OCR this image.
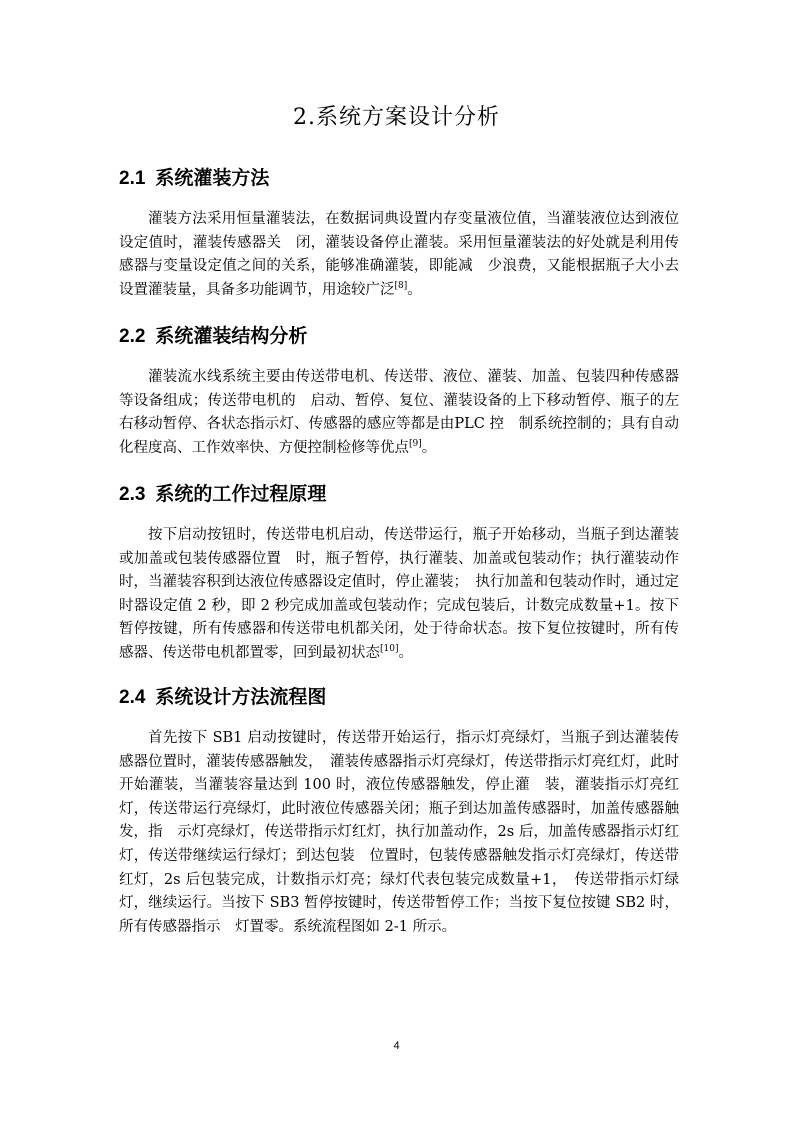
2.系统方案设计分析
2.1 系统灌装方法

灌装方法采用恒量灌装法，在数据词典设置内存变量液位值，当灌装液位达到液位设定值时，灌装传感器关　闭，灌装设备停止灌装。采用恒量灌装法的好处就是利用传感器与变量设定值之间的关系，能够准确灌装，即能减　少浪费，又能根据瓶子大小去设置灌装量，具备多功能调节，用途较广泛[8]。

2.2 系统灌装结构分析

灌装流水线系统主要由传送带电机、传送带、液位、灌装、加盖、包装四种传感器等设备组成；传送带电机的　启动、暂停、复位、灌装设备的上下移动暂停、瓶子的左右移动暂停、各状态指示灯、传感器的感应等都是由PLC 控　制系统控制的；具有自动化程度高、工作效率快、方便控制检修等优点[9]。

2.3 系统的工作过程原理

按下启动按钮时，传送带电机启动，传送带运行，瓶子开始移动，当瓶子到达灌装或加盖或包装传感器位置　时，瓶子暂停，执行灌装、加盖或包装动作；执行灌装动作时，当灌装容积到达液位传感器设定值时，停止灌装；　执行加盖和包装动作时，通过定时器设定值 2 秒，即 2 秒完成加盖或包装动作；完成包装后，计数完成数量+1。按下暂停按键，所有传感器和传送带电机都关闭，处于待命状态。按下复位按键时，所有传感器、传送带电机都置零，回到最初状态[10]。

2.4 系统设计方法流程图

首先按下 SB1 启动按键时，传送带开始运行，指示灯亮绿灯，当瓶子到达灌装传感器位置时，灌装传感器触发，　灌装传感器指示灯亮绿灯，传送带指示灯亮红灯，此时开始灌装，当灌装容量达到 100 时，液位传感器触发，停止灌　装，灌装指示灯亮红灯，传送带运行亮绿灯，此时液位传感器关闭；瓶子到达加盖传感器时，加盖传感器触发，指　示灯亮绿灯，传送带指示灯红灯，执行加盖动作，2s 后，加盖传感器指示灯红灯，传送带继续运行绿灯；到达包装　位置时，包装传感器触发指示灯亮绿灯，传送带红灯，2s 后包装完成，计数指示灯亮；绿灯代表包装完成数量+1，　传送带指示灯绿灯，继续运行。当按下 SB3 暂停按键时，传送带暂停工作；当按下复位按键 SB2 时，所有传感器指示　灯置零。系统流程图如 2-1 所示。

4
